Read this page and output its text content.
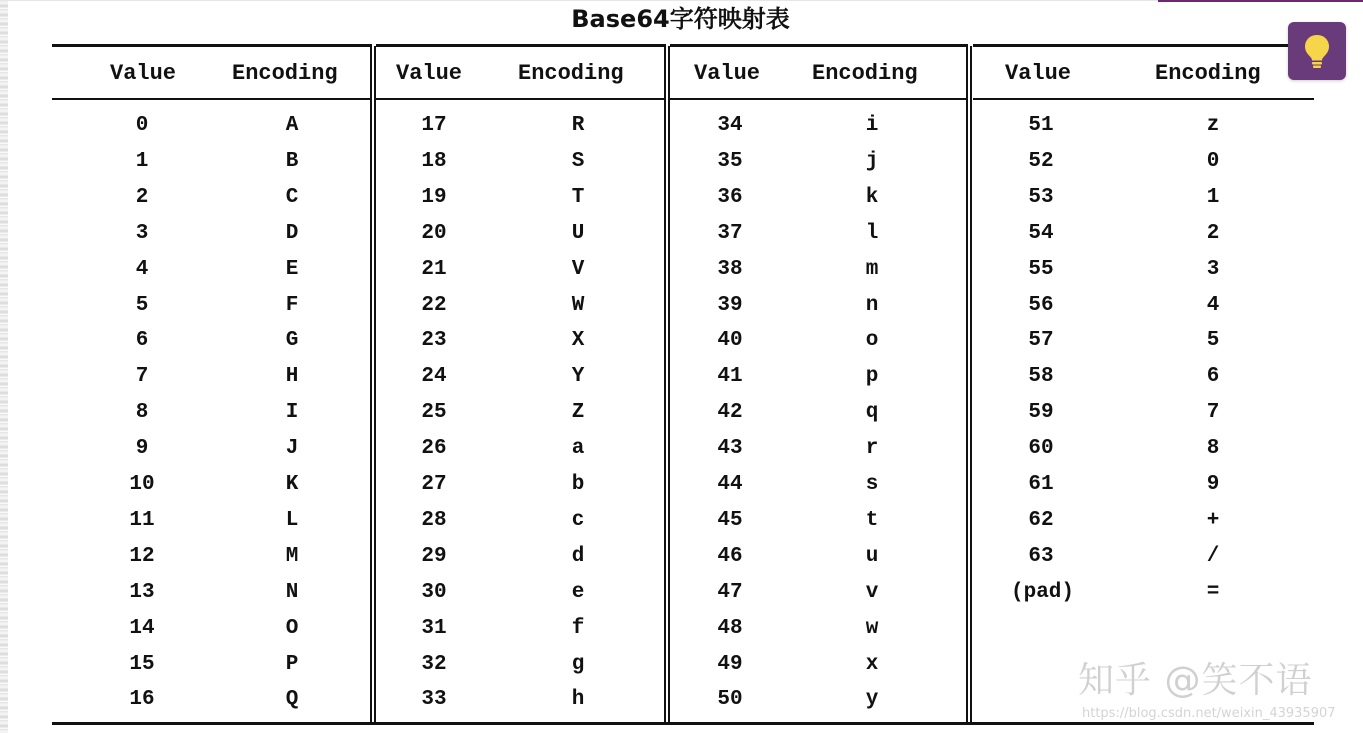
Base64字符映射表
Value	Encoding
0	A
1	B
2	C
3	D
4	E
5	F
6	G
7	H
8	I
9	J
10	K
11	L
12	M
13	N
14	O
15	P
16	Q
Value	Encoding
17	R
18	S
19	T
20	U
21	V
22	W
23	X
24	Y
25	Z
26	a
27	b
28	c
29	d
30	e
31	f
32	g
33	h
Value Encoding
34	i
35	j
36	k
37	l
38	m
39	n
40	o
41	p
42	q
43	r
44	s
45	t
46	u
47	v
48	w
49	x
50	y
Value	Encoding
51	z
52	0
53	1
54	2
55	3
56	4
57	5
58	6
59	7
60	8
61	9
62	+
63	/
(pad)	=
知乎 @笑不语
https://blog.csdn.net/weixin_43935907
